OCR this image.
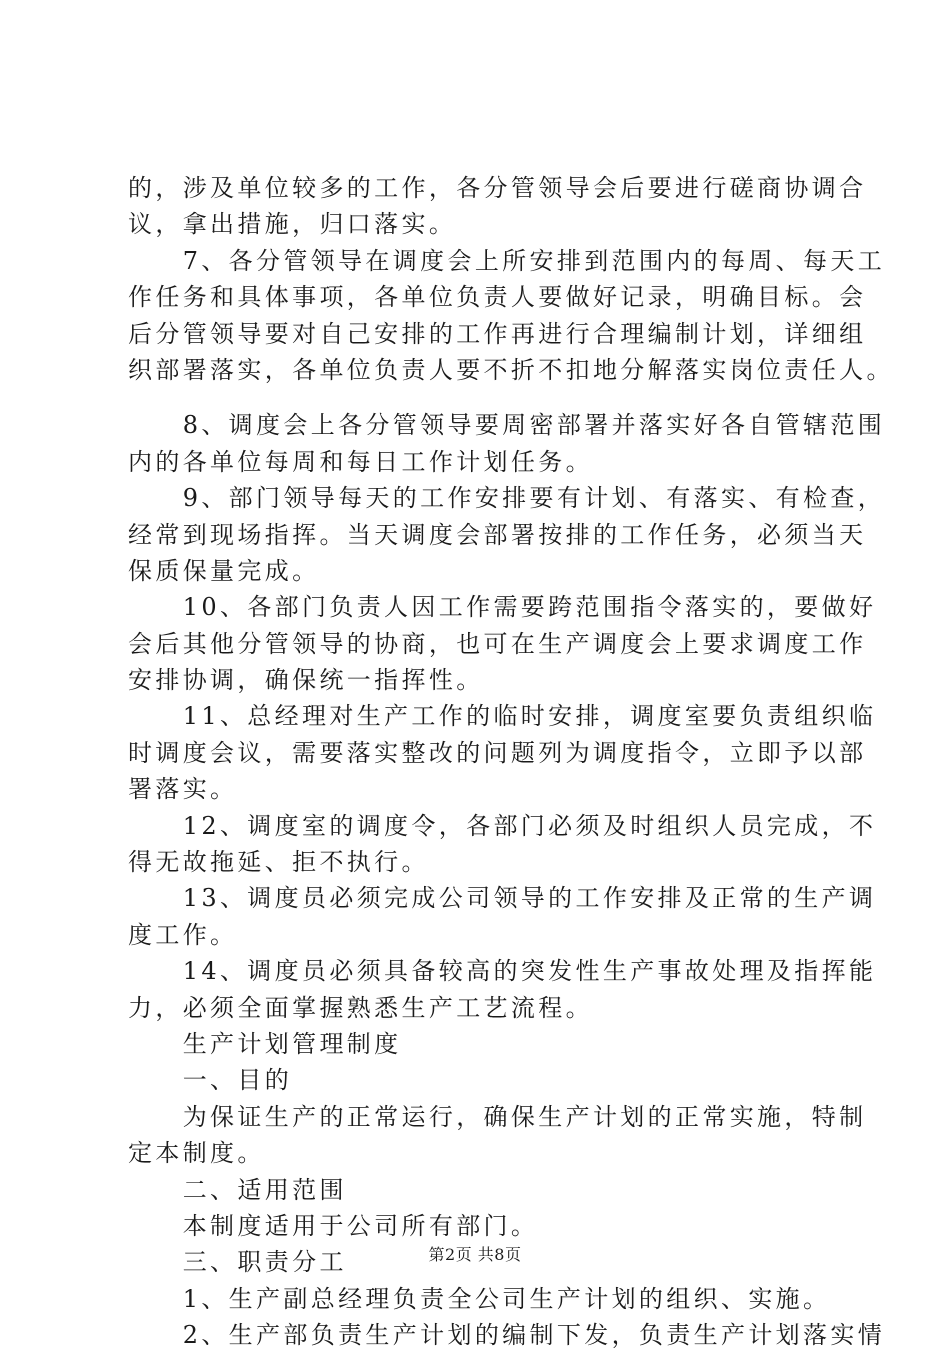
的，涉及单位较多的工作，各分管领导会后要进行磋商协调合
议，拿出措施，归口落实。
　　7、各分管领导在调度会上所安排到范围内的每周、每天工
作任务和具体事项，各单位负责人要做好记录，明确目标。会
后分管领导要对自己安排的工作再进行合理编制计划，详细组
织部署落实，各单位负责人要不折不扣地分解落实岗位责任人。
　　8、调度会上各分管领导要周密部署并落实好各自管辖范围
内的各单位每周和每日工作计划任务。
　　9、部门领导每天的工作安排要有计划、有落实、有检查，
经常到现场指挥。当天调度会部署按排的工作任务，必须当天
保质保量完成。
　　10、各部门负责人因工作需要跨范围指令落实的，要做好
会后其他分管领导的协商，也可在生产调度会上要求调度工作
安排协调，确保统一指挥性。
　　11、总经理对生产工作的临时安排，调度室要负责组织临
时调度会议，需要落实整改的问题列为调度指令，立即予以部
署落实。
　　12、调度室的调度令，各部门必须及时组织人员完成，不
得无故拖延、拒不执行。
　　13、调度员必须完成公司领导的工作安排及正常的生产调
度工作。
　　14、调度员必须具备较高的突发性生产事故处理及指挥能
力，必须全面掌握熟悉生产工艺流程。
　　生产计划管理制度
　　一、目的
　　为保证生产的正常运行，确保生产计划的正常实施，特制
定本制度。
　　二、适用范围
　　本制度适用于公司所有部门。
　　三、职责分工
　　1、生产副总经理负责全公司生产计划的组织、实施。
　　2、生产部负责生产计划的编制下发，负责生产计划落实情
第2页 共8页
